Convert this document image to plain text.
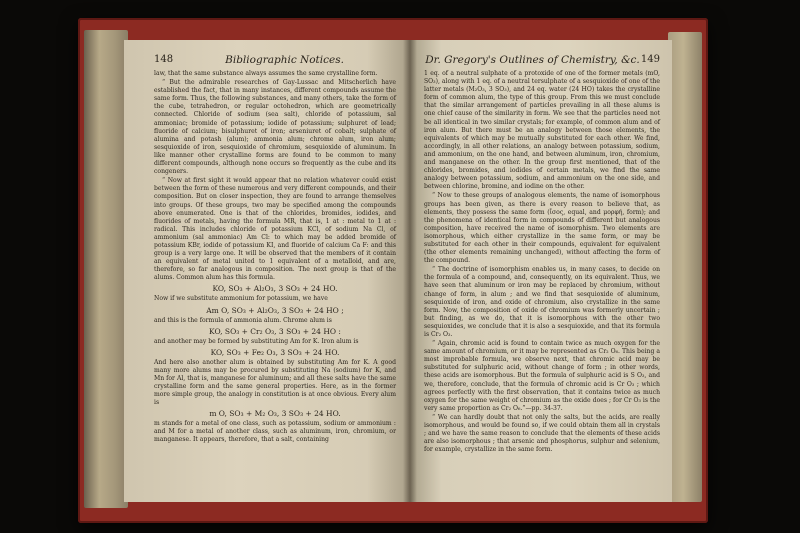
148	Bibliographic Notices.

law, that the same substance always assumes the same crystalline form.

“ But the admirable researches of Gay-Lussac and Mitscherlich have established the fact, that in many instances, different compounds assume the same form. Thus, the following substances, and many others, take the form of the cube, tetrahedron, or regular octohedron, which are geometrically connected. Chloride of sodium (sea salt), chloride of potassium, sal ammoniac; bromide of potassium; iodide of potassium; sulphuret of lead; fluoride of calcium; bisulphuret of iron; arseniuret of cobalt; sulphate of alumina and potash (alum); ammonia alum; chrome alum, iron alum; sesquioxide of iron, sesquioxide of chromium, sesquioxide of aluminum. In like manner other crystalline forms are found to be common to many different compounds, although none occurs so frequently as the cube and its congeners.

“ Now at first sight it would appear that no relation whatever could exist between the form of these numerous and very different compounds, and their composition. But on closer inspection, they are found to arrange themselves into groups. Of these groups, two may be specified among the compounds above enumerated. One is that of the chlorides, bromides, iodides, and fluorides of metals, having the formula MR, that is, 1 at : metal to 1 at : radical. This includes chloride of potassium KCl, of sodium Na Cl, of ammonium (sal ammoniac) Am Cl: to which may be added bromide of potassium KBr, iodide of potassium KI, and fluoride of calcium Ca F: and this group is a very large one. It will be observed that the members of it contain an equivalent of metal united to 1 equivalent of a metalloid, and are, therefore, so far analogous in composition. The next group is that of the alums. Common alum has this formula.

KO, SO₃ + Al₂O₃, 3 SO₃ + 24 HO.

Now if we substitute ammonium for potassium, we have

Am O, SO₃ + Al₂O₃, 3 SO₃ + 24 HO ;

and this is the formula of ammonia alum. Chrome alum is

KO, SO₃ + Cr₂ O₃, 3 SO₃ + 24 HO :

and another may be formed by substituting Am for K. Iron alum is

KO, SO₃ + Fe₂ O₃, 3 SO₃ + 24 HO.

And here also another alum is obtained by substituting Am for K. A good many more alums may be procured by substituting Na (sodium) for K, and Mn for Al, that is, manganese for aluminum; and all these salts have the same crystalline form and the same general properties. Here, as in the former more simple group, the analogy in constitution is at once obvious. Every alum is

m O, SO₃ + M₂ O₃, 3 SO₃ + 24 HO.

m stands for a metal of one class, such as potassium, sodium or ammonium : and M for a metal of another class, such as aluminum, iron, chromium, or manganese. It appears, therefore, that a salt, containing

Dr. Gregory's Outlines of Chemistry, &c. 149

1 eq. of a neutral sulphate of a protoxide of one of the former metals (mO, SO₃), along with 1 eq. of a neutral tersulphate of a sesquioxide of one of the latter metals (M₂O₃, 3 SO₃), and 24 eq. water (24 HO) takes the crystalline form of common alum, the type of this group. From this we must conclude that the similar arrangement of particles prevailing in all these alums is one chief cause of the similarity in form. We see that the particles need not be all identical in two similar crystals; for example, of common alum and of iron alum. But there must be an analogy between those elements, the equivalents of which may be mutually substituted for each other. We find, accordingly, in all other relations, an analogy between potassium, sodium, and ammonium, on the one hand, and between aluminum, iron, chromium, and manganese on the other. In the group first mentioned, that of the chlorides, bromides, and iodides of certain metals, we find the same analogy between potassium, sodium, and ammonium on the one side, and between chlorine, bromine, and iodine on the other.

“ Now to these groups of analogous elements, the name of isomorphous groups has been given, as there is every reason to believe that, as elements, they possess the same form (ἴσος, equal, and μορφή, form); and the phenomena of identical form in compounds of different but analogous composition, have received the name of isomorphism. Two elements are isomorphous, which either crystallize in the same form, or may be substituted for each other in their compounds, equivalent for equivalent (the other elements remaining unchanged), without affecting the form of the compound.

“ The doctrine of isomorphism enables us, in many cases, to decide on the formula of a compound, and, consequently, on its equivalent. Thus, we have seen that aluminum or iron may be replaced by chromium, without change of form, in alum ; and we find that sesquioxide of aluminum, sesquioxide of iron, and oxide of chromium, also crystallize in the same form. Now, the composition of oxide of chromium was formerly uncertain ; but finding, as we do, that it is isomorphous with the other two sesquioxides, we conclude that it is also a sesquioxide, and that its formula is Cr₂ O₃.

“ Again, chromic acid is found to contain twice as much oxygen for the same amount of chromium, or it may be represented as Cr₂ O₆. This being a most improbable formula, we observe next, that chromic acid may be substituted for sulphuric acid, without change of form ; in other words, these acids are isomorphous. But the formula of sulphuric acid is S O₃, and we, therefore, conclude, that the formula of chromic acid is Cr O₃ ; which agrees perfectly with the first observation, that it contains twice as much oxygen for the same weight of chromium as the oxide does ; for Cr O₃ is the very same proportion as Cr₂ O₆.”—pp. 34-37.

“ We can hardly doubt that not only the salts, but the acids, are really isomorphous, and would be found so, if we could obtain them all in crystals ; and we have the same reason to conclude that the elements of these acids are also isomorphous ; that arsenic and phosphorus, sulphur and selenium, for example, crystallize in the same form.
